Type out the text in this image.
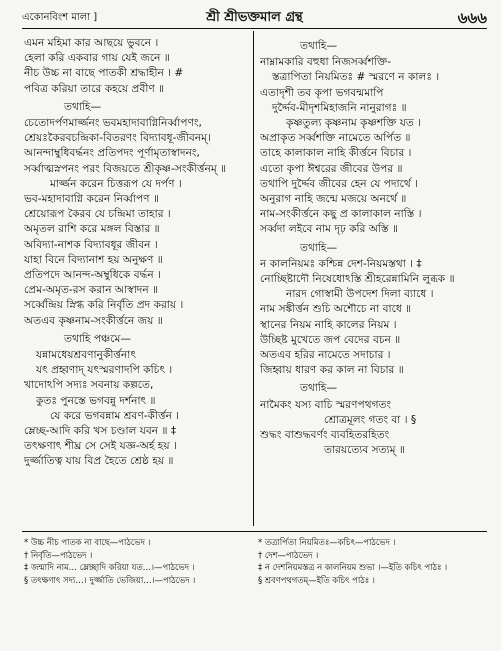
একোনবিংশ মালা ]	শ্রী শ্রীভক্তমাল গ্রন্থ	৬৬৬
এমন মহিমা কার আছয়ে ভুবনে ।
হেলা করি একবার গায় যেই জনে ॥
নীচ উচ্চ না বাছে পাতকী শ্রদ্ধাহীন । #
পবিত্র করিয়া তারে কহয়ে প্রবীণ ॥
তথাহি—
চেতোদর্পণমার্জ্জনং ভবমহাদাবাগ্নিনির্ব্বাপণং,
শ্রেয়ঃকৈরবচন্দ্রিকা-বিতরণং বিদ্যাবধূ-জীবনম্।
আনন্দাম্বুধিবর্দ্ধনং প্রতিপদং পূর্ণামৃতাস্বাদনং,
সর্ব্বাত্মস্নপনং পরং বিজয়তে শ্রীকৃষ্ণ-সংকীর্ত্তনম্ ॥
মার্জ্জন করেন চিত্তরূপ যে দর্পণ ।
ভব-মহাদাবাগ্নি করেন নির্ব্বাপণ ॥
শ্রেয়োরূপ কৈরব যে চন্দ্রিমা তাহার ।
অমৃতল রাশি করে মঙ্গল বিস্তার ॥
অবিদ্যা-নাশক বিদ্যাবধূর জীবন ।
যাহা বিনে বিদ্যানাশ হয় অনুক্ষণ ॥
প্রতিপদে আনন্দ-অম্বুধিকে বর্দ্ধন ।
প্রেম-অমৃত-রস করান আস্বাদন ॥
সর্ব্বেন্দ্রিয় স্নিগ্ধ করি নির্বৃতি প্রদ করায় ।
অতএব কৃষ্ণনাম-সংকীর্ত্তনে জয় ॥
তথাহি পঞ্চমে—
যন্নামধেয়শ্রবণানুকীর্ত্তনাৎ
যৎ প্রহ্বণাদ্ যৎস্মরণাদপি কচিৎ ।
খাদোঽপি সদ্যঃ সবনায় কল্পতে,
কুতঃ পুনস্তে ভগবন্নু দর্শনাৎ ॥
যে করে ভগবন্নাম শ্রবণ-কীর্ত্তন ।
ম্লেচ্ছ-আদি করি খস চণ্ডাল যবন ॥ ‡
তৎক্ষণাৎ শীঘ্র সে সেই যজ্ঞ-অর্হ হয় ।
দুর্জ্জাতিত্ব যায় বিপ্র হৈতে শ্রেষ্ঠ হয় ॥
তথাহি—
নাম্নামকারি বহুধা নিজসর্ব্বশক্তি-
স্তত্রাপিতা নিয়মিতঃ # স্মরণে ন কালঃ ।
এতাদৃশী তব কৃপা ভগবন্মমাপি
দুর্দ্দৈব-মীদৃশমিহাজনি নানুরাগঃ ॥
কৃষ্ণতুল্য কৃষ্ণনাম কৃষ্ণশক্তি যত ।
অপ্রাকৃত সর্ব্বশক্তি নামেতে অর্পিত ॥
তাহে কালাকাল নাহি কীর্ত্তনে বিচার ।
এতো কৃপা ঈশ্বরের জীবের উপর ॥
তথাপি দুর্দ্দৈব জীবের হেন যে পদার্থে ।
অনুরাগ নাহি জন্মে মজয়ে অনর্থে ॥
নাম-সংকীর্ত্তনে কছু প্র কালাকাল নাস্তি ।
সর্ব্বদা লইবে নাম দৃঢ় করি অস্তি ॥
তথাহি—
ন কালনিয়মঃ কশ্চিন্ন দেশ-নিয়মস্তথা । ‡
নোচ্ছিষ্টাদৌ নিষেধোঽস্তি শ্রীহরেন্নামিনি লুব্ধক ॥
নারদ গোস্বামী উপদেশ দিলা ব্যাধে ।
নাম সঙ্কীর্ত্তন শুচি অশৌচে না বাধে ॥
স্থানের নিয়ম নাহি কালের নিয়ম ।
উচ্ছিষ্ট মুখেতে জপ বেদের বচন ॥
অতএব হরির নামেতে সদাচার ।
জিহ্বায় ধারণ কর কাল না বিচার ॥
তথাহি—
নামৈকং যস্য বাচি স্মরণপথগতং
শ্রোত্রমূলং গতং বা । §
শুদ্ধং বাশুদ্ধবর্ণং ব্যবহিতরহিতং
তারয়ত্যেব সত্যম্ ॥
* উচ্চ নীচ পাতক না বাছে—পাঠভেদ ।
† নির্বৃতি—পাঠভেদ ।
‡ জন্মাদি নাম… ম্লেচ্ছাদি করিয়া যত…।—পাঠভেদ ।
§ তৎক্ষণাৎ সদ্য…। দুর্জ্জাতি ভেজিয়া…।—পাঠভেদ ।
* তত্রার্পিতা নিয়মিতঃ—কচিৎ—পাঠভেদ ।
† দেশ—পাঠভেদ ।
‡ ন দেশনিয়মস্তত্র ন কালনিয়ম শুভা ।—ইতি কচিৎ পাঠঃ ।
§ শ্রবণপথগতম্—ইতি কচিৎ পাঠঃ ।
